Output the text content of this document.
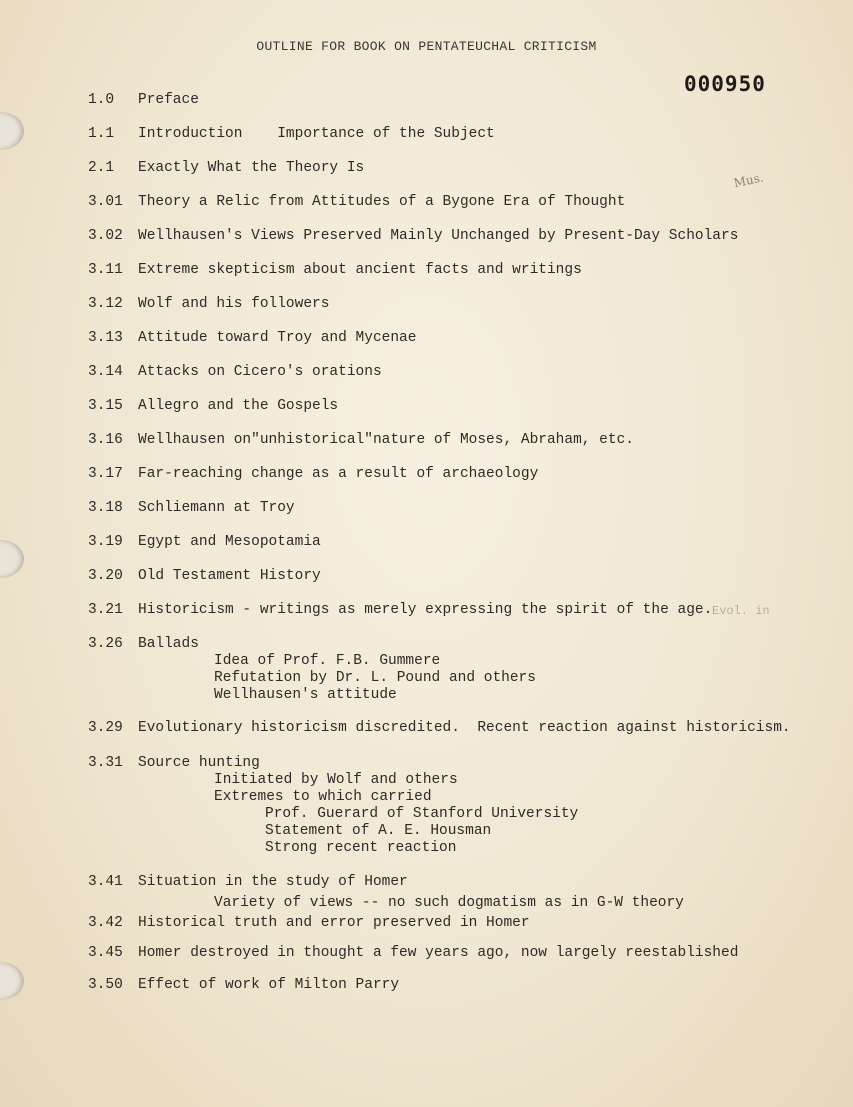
OUTLINE FOR BOOK ON PENTATEUCHAL CRITICISM
000950
Mus.
Evol. in
1.0 Preface
1.1 Introduction    Importance of the Subject
2.1 Exactly What the Theory Is
3.01 Theory a Relic from Attitudes of a Bygone Era of Thought
3.02 Wellhausen's Views Preserved Mainly Unchanged by Present-Day Scholars
3.11 Extreme skepticism about ancient facts and writings
3.12 Wolf and his followers
3.13 Attitude toward Troy and Mycenae
3.14 Attacks on Cicero's orations
3.15 Allegro and the Gospels
3.16 Wellhausen on"unhistorical"nature of Moses, Abraham, etc.
3.17 Far-reaching change as a result of archaeology
3.18 Schliemann at Troy
3.19 Egypt and Mesopotamia
3.20 Old Testament History
3.21 Historicism - writings as merely expressing the spirit of the age.
3.26 Ballads
Idea of Prof. F.B. Gummere
Refutation by Dr. L. Pound and others
Wellhausen's attitude
3.29 Evolutionary historicism discredited.  Recent reaction against historicism.
3.31 Source hunting
Initiated by Wolf and others
Extremes to which carried
Prof. Guerard of Stanford University
Statement of A. E. Housman
Strong recent reaction
3.41 Situation in the study of Homer
Variety of views -- no such dogmatism as in G-W theory
3.42 Historical truth and error preserved in Homer
3.45 Homer destroyed in thought a few years ago, now largely reestablished
3.50 Effect of work of Milton Parry
